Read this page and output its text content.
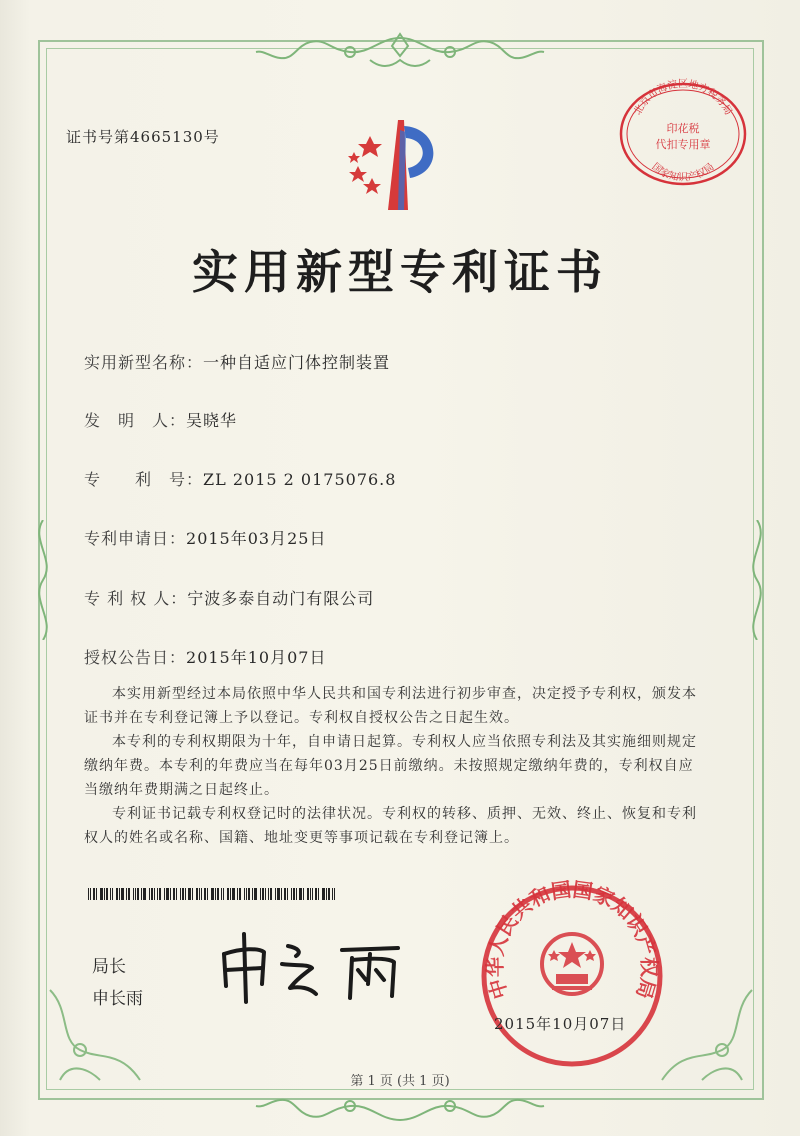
北京市海淀区地方税务局
印花税
代扣专用章
国家知识产权局
证书号第4665130号
实用新型专利证书
实用新型名称：一种自适应门体控制装置
发　明　人：吴晓华
专　　利　号：ZL 2015 2 0175076.8
专利申请日：2015年03月25日
专 利 权 人：宁波多泰自动门有限公司
授权公告日：2015年10月07日
本实用新型经过本局依照中华人民共和国专利法进行初步审查，决定授予专利权，颁发本证书并在专利登记簿上予以登记。专利权自授权公告之日起生效。
本专利的专利权期限为十年，自申请日起算。专利权人应当依照专利法及其实施细则规定缴纳年费。本专利的年费应当在每年03月25日前缴纳。未按照规定缴纳年费的，专利权自应当缴纳年费期满之日起终止。
专利证书记载专利权登记时的法律状况。专利权的转移、质押、无效、终止、恢复和专利权人的姓名或名称、国籍、地址变更等事项记载在专利登记簿上。
局长
申长雨	中华人民共和国国家知识产权局
2015年10月07日
第 1 页 (共 1 页)
